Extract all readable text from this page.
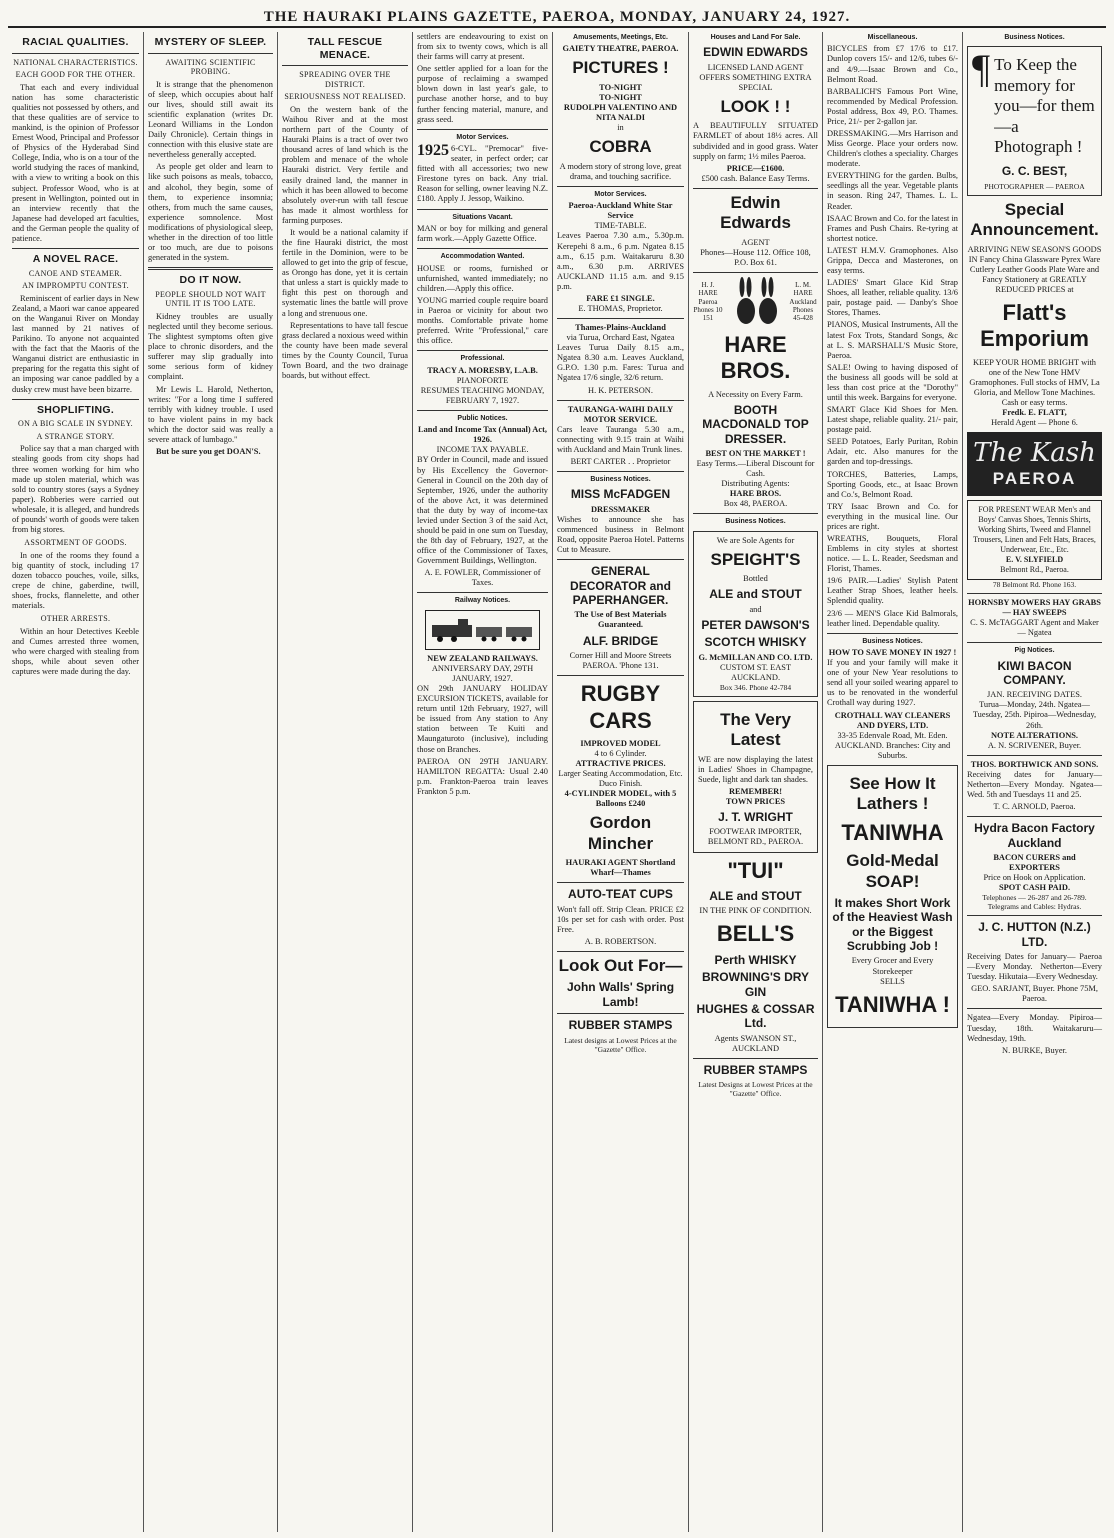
THE HAURAKI PLAINS GAZETTE, PAEROA, MONDAY, JANUARY 24, 1927.
RACIAL QUALITIES.
NATIONAL CHARACTERISTICS.
EACH GOOD FOR THE OTHER.

That each and every individual nation has some characteristic qualities not possessed by others, and that these qualities are of service to mankind, is the opinion of Professor Ernest Wood, Principal and Professor of Physics of the Hyderabad Sind College, India, who is on a tour of the world studying the races of mankind, with a view to writing a book on this subject. Professor Wood, who is at present in Wellington, pointed out in an interview recently that the Japanese had developed art faculties, and the German people the quality of patience.

A NOVEL RACE.
CANOE AND STEAMER.
AN IMPROMPTU CONTEST.

Reminiscent of earlier days in New Zealand, a Maori war canoe appeared on the Wanganui River on Monday last manned by 21 natives of Parikino. To anyone not acquainted with the fact that the Maoris of the Wanganui district are enthusiastic in preparing for the regatta this sight of an imposing war canoe paddled by a dusky crew must have been bizarre.

SHOPLIFTING.
ON A BIG SCALE IN SYDNEY.
A STRANGE STORY.

Police say that a man charged with stealing goods from city shops had three women working for him who made up stolen material, which was sold to country stores (says a Sydney paper). Robberies were carried out wholesale, it is alleged, and hundreds of pounds' worth of goods were taken from big stores.

ASSORTMENT OF GOODS.

In one of the rooms they found a big quantity of stock, including 17 dozen tobacco pouches, voile, silks, crepe de chine, gaberdine, twill, shoes, frocks, flannelette, and other materials.

OTHER ARRESTS.

Within an hour Detectives Keeble and Cumes arrested three women, who were charged with stealing from shops, while about seven other captures were made during the day.

MYSTERY OF SLEEP.
AWAITING SCIENTIFIC PROBING.

It is strange that the phenomenon of sleep, which occupies about half our lives, should still await its scientific explanation (writes Dr. Leonard Williams in the London Daily Chronicle). Certain things in connection with this elusive state are nevertheless generally accepted.

As people get older and learn to like such poisons as meals, tobacco, and alcohol, they begin, some of them, to experience insomnia; others, from much the same causes, experience somnolence. Most modifications of physiological sleep, whether in the direction of too little or too much, are due to poisons generated in the system.

DO IT NOW.
PEOPLE SHOULD NOT WAIT UNTIL IT IS TOO LATE.

Kidney troubles are usually neglected until they become serious. The slightest symptoms often give place to chronic disorders, and the sufferer may slip gradually into some serious form of kidney complaint.

Mr Lewis L. Harold, Netherton, writes: "For a long time I suffered terribly with kidney trouble. I used to have violent pains in my back which the doctor said was really a severe attack of lumbago."

But be sure you get DOAN'S.

TALL FESCUE MENACE.
SPREADING OVER THE DISTRICT.
SERIOUSNESS NOT REALISED.

On the western bank of the Waihou River and at the most northern part of the County of Hauraki Plains is a tract of over two thousand acres of land which is the problem and menace of the whole Hauraki district. Very fertile and easily drained land, the manner in which it has been allowed to become absolutely over-run with tall fescue has made it almost worthless for farming purposes.

It would be a national calamity if the fine Hauraki district, the most fertile in the Dominion, were to be allowed to get into the grip of fescue, as Orongo has done, yet it is certain that unless a start is quickly made to fight this pest on thorough and systematic lines the battle will prove a long and strenuous one.

Representations to have tall fescue grass declared a noxious weed within the county have been made several times by the County Council, Turua Town Board, and the two drainage boards, but without effect.

settlers are endeavouring to exist on from six to twenty cows, which is all their farms will carry at present.

One settler applied for a loan for the purpose of reclaiming a swamped blown down in last year's gale, to purchase another horse, and to buy further fencing material, manure, and grass seed.

Motor Services.
1925 6-CYL. "Premocar" five-seater, in perfect order; car fitted with all accessories; two new Firestone tyres on back. Any trial. Reason for selling, owner leaving N.Z. £180. Apply J. Jessop, Waikino.

Situations Vacant.

MAN or boy for milking and general farm work.—Apply Gazette Office.

Accommodation Wanted.

HOUSE or rooms, furnished or unfurnished, wanted immediately; no children.—Apply this office.

YOUNG married couple require board in Paeroa or vicinity for about two months. Comfortable private home preferred. Write "Professional," care this office.

Professional.
TRACY A. MORESBY, L.A.B.
PIANOFORTE
RESUMES TEACHING MONDAY, FEBRUARY 7, 1927.
Public Notices.
Land and Income Tax (Annual) Act, 1926.
INCOME TAX PAYABLE.

BY Order in Council, made and issued by His Excellency the Governor-General in Council on the 20th day of September, 1926, under the authority of the above Act, it was determined that the duty by way of income-tax levied under Section 3 of the said Act, should be paid in one sum on Tuesday, the 8th day of February, 1927, at the office of the Commissioner of Taxes, Government Buildings, Wellington.

A. E. FOWLER, Commissioner of Taxes.
Railway Notices.
NEW ZEALAND RAILWAYS.
ANNIVERSARY DAY, 29TH JANUARY, 1927.

ON 29th JANUARY HOLIDAY EXCURSION TICKETS, available for return until 12th February, 1927, will be issued from Any station to Any station between Te Kuiti and Maungaturoto (inclusive), including those on Branches.

PAEROA ON 29TH JANUARY. HAMILTON REGATTA: Usual 2.40 p.m. Frankton-Paeroa train leaves Frankton 5 p.m.

Amusements, Meetings, Etc.
GAIETY THEATRE, PAEROA.
PICTURES !
TO-NIGHT
TO-NIGHT
RUDOLPH VALENTINO AND NITA NALDI
in
COBRA
A modern story of strong love, great drama, and touching sacrifice.
Motor Services.
Paeroa-Auckland White Star Service
TIME-TABLE.

Leaves Paeroa 7.30 a.m., 5.30p.m. Kerepehi 8 a.m., 6 p.m. Ngatea 8.15 a.m., 6.15 p.m. Waitakaruru 8.30 a.m., 6.30 p.m. ARRIVES AUCKLAND 11.15 a.m. and 9.15 p.m.

FARE £1 SINGLE.
E. THOMAS, Proprietor.
Thames-Plains-Auckland
via Turua, Orchard East, Ngatea

Leaves Turua Daily 8.15 a.m., Ngatea 8.30 a.m. Leaves Auckland, G.P.O. 1.30 p.m. Fares: Turua and Ngatea 17/6 single, 32/6 return.

H. K. PETERSON.
TAURANGA-WAIHI DAILY MOTOR SERVICE.

Cars leave Tauranga 5.30 a.m., connecting with 9.15 train at Waihi with Auckland and Main Trunk lines.

BERT CARTER . . Proprietor
Business Notices.
MISS McFADGEN
DRESSMAKER

Wishes to announce she has commenced business in Belmont Road, opposite Paeroa Hotel. Patterns Cut to Measure.

GENERAL DECORATOR and PAPERHANGER.
The Use of Best Materials Guaranteed.
ALF. BRIDGE
Corner Hill and Moore Streets PAEROA. 'Phone 131.
RUGBY CARS
IMPROVED MODEL
4 to 6 Cylinder.
ATTRACTIVE PRICES.
Larger Seating Accommodation, Etc. Duco Finish.
4-CYLINDER MODEL, with 5 Balloons £240
Gordon Mincher
HAURAKI AGENT Shortland Wharf—Thames
AUTO-TEAT CUPS

Won't fall off. Strip Clean. PRICE £2 10s per set for cash with order. Post Free.

A. B. ROBERTSON.
Look Out For—
John Walls' Spring Lamb!
RUBBER STAMPS
Latest designs at Lowest Prices at the "Gazette" Office.
Houses and Land For Sale.
EDWIN EDWARDS
LICENSED LAND AGENT OFFERS SOMETHING EXTRA SPECIAL
LOOK ! !

A BEAUTIFULLY SITUATED FARMLET of about 18½ acres. All subdivided and in good grass. Water supply on farm; 1½ miles Paeroa.

PRICE—£1600.
£500 cash. Balance Easy Terms.
Edwin Edwards
AGENT
Phones—House 112. Office 108, P.O. Box 61.
H. J. HARE Paeroa Phones 10 151
L. M. HARE Auckland Phones 45-428
HARE BROS.
A Necessity on Every Farm.
BOOTH MACDONALD TOP DRESSER.
BEST ON THE MARKET !
Easy Terms.—Liberal Discount for Cash.
Distributing Agents:
HARE BROS.
Box 48, PAEROA.
Business Notices.
We are Sole Agents for
SPEIGHT'S
Bottled
ALE and STOUT
and
PETER DAWSON'S
SCOTCH WHISKY
G. McMILLAN AND CO. LTD.
CUSTOM ST. EAST AUCKLAND.
Box 346. Phone 42-784
The Very Latest

WE are now displaying the latest in Ladies' Shoes in Champagne, Suede, light and dark tan shades.

REMEMBER!
TOWN PRICES
J. T. WRIGHT
FOOTWEAR IMPORTER, BELMONT RD., PAEROA.
"TUI"
ALE and STOUT
IN THE PINK OF CONDITION.
BELL'S
Perth WHISKY
BROWNING'S DRY GIN
HUGHES & COSSAR Ltd.
Agents SWANSON ST., AUCKLAND
RUBBER STAMPS
Latest Designs at Lowest Prices at the "Gazette" Office.
Miscellaneous.

BICYCLES from £7 17/6 to £17. Dunlop covers 15/- and 12/6, tubes 6/- and 4/9.—Isaac Brown and Co., Belmont Road.

BARBALICH'S Famous Port Wine, recommended by Medical Profession. Postal address, Box 49, P.O. Thames. Price, 21/- per 2-gallon jar.

DRESSMAKING.—Mrs Harrison and Miss George. Place your orders now. Children's clothes a speciality. Charges moderate.

EVERYTHING for the garden. Bulbs, seedlings all the year. Vegetable plants in season. Ring 247, Thames. L. L. Reader.

ISAAC Brown and Co. for the latest in Frames and Push Chairs. Re-tyring at shortest notice.

LATEST H.M.V. Gramophones. Also Grippa, Decca and Masterones, on easy terms.

LADIES' Smart Glace Kid Strap Shoes, all leather, reliable quality. 13/6 pair, postage paid. — Danby's Shoe Stores, Thames.

PIANOS, Musical Instruments, All the latest Fox Trots, Standard Songs, &c at L. S. MARSHALL'S Music Store, Paeroa.

SALE! Owing to having disposed of the business all goods will be sold at less than cost price at the "Dorothy" until this week. Bargains for everyone.

SMART Glace Kid Shoes for Men. Latest shape, reliable quality. 21/- pair, postage paid.

SEED Potatoes, Early Puritan, Robin Adair, etc. Also manures for the garden and top-dressings.

TORCHES, Batteries, Lamps, Sporting Goods, etc., at Isaac Brown and Co.'s, Belmont Road.

TRY Isaac Brown and Co. for everything in the musical line. Our prices are right.

WREATHS, Bouquets, Floral Emblems in city styles at shortest notice. — L. L. Reader, Seedsman and Florist, Thames.

19/6 PAIR.—Ladies' Stylish Patent Leather Strap Shoes, leather heels. Splendid quality.

23/6 — MEN'S Glace Kid Balmorals, leather lined. Dependable quality.

Business Notices.
HOW TO SAVE MONEY IN 1927 !

If you and your family will make it one of your New Year resolutions to send all your soiled wearing apparel to us to be renovated in the wonderful Crothall way during 1927.

CROTHALL WAY CLEANERS AND DYERS, LTD.
33-35 Edenvale Road, Mt. Eden. AUCKLAND. Branches: City and Suburbs.
See How It Lathers !
TANIWHA
Gold-Medal SOAP!
It makes Short Work of the Heaviest Wash or the Biggest Scrubbing Job !
Every Grocer and Every Storekeeper
SELLS
TANIWHA !
Business Notices.
¶ To Keep the memory for you—for them —a Photograph !
G. C. BEST,
PHOTOGRAPHER — PAEROA
Special Announcement.
ARRIVING NEW SEASON'S GOODS IN Fancy China Glassware Pyrex Ware Cutlery Leather Goods Plate Ware and Fancy Stationery at GREATLY REDUCED PRICES at
Flatt's Emporium
KEEP YOUR HOME BRIGHT with one of the New Tone HMV Gramophones. Full stocks of HMV, La Gloria, and Mellow Tone Machines. Cash or easy terms.
Fredk. E. FLATT,
Herald Agent — Phone 6.
The Kash
PAEROA
FOR PRESENT WEAR Men's and Boys' Canvas Shoes, Tennis Shirts, Working Shirts, Tweed and Flannel Trousers, Linen and Felt Hats, Braces, Underwear, Etc., Etc.
E. V. SLYFIELD
Belmont Rd., Paeroa.
78 Belmont Rd. Phone 163.
HORNSBY MOWERS HAY GRABS — HAY SWEEPS
C. S. McTAGGART Agent and Maker — Ngatea
Pig Notices.
KIWI BACON COMPANY.
JAN. RECEIVING DATES.
Turua—Monday, 24th. Ngatea—Tuesday, 25th. Pipiroa—Wednesday, 26th.
NOTE ALTERATIONS.
A. N. SCRIVENER, Buyer.
THOS. BORTHWICK AND SONS.

Receiving dates for January— Netherton—Every Monday. Ngatea—Wed. 5th and Tuesdays 11 and 25.

T. C. ARNOLD, Paeroa.
Hydra Bacon Factory Auckland
BACON CURERS and EXPORTERS
Price on Hook on Application.
SPOT CASH PAID.
Telephones — 26-287 and 26-789. Telegrams and Cables: Hydras.
J. C. HUTTON (N.Z.) LTD.

Receiving Dates for January— Paeroa—Every Monday. Netherton—Every Tuesday. Hikutaia—Every Wednesday.

GEO. SARJANT, Buyer. Phone 75M, Paeroa.

Ngatea—Every Monday. Pipiroa—Tuesday, 18th. Waitakaruru—Wednesday, 19th.

N. BURKE, Buyer.
